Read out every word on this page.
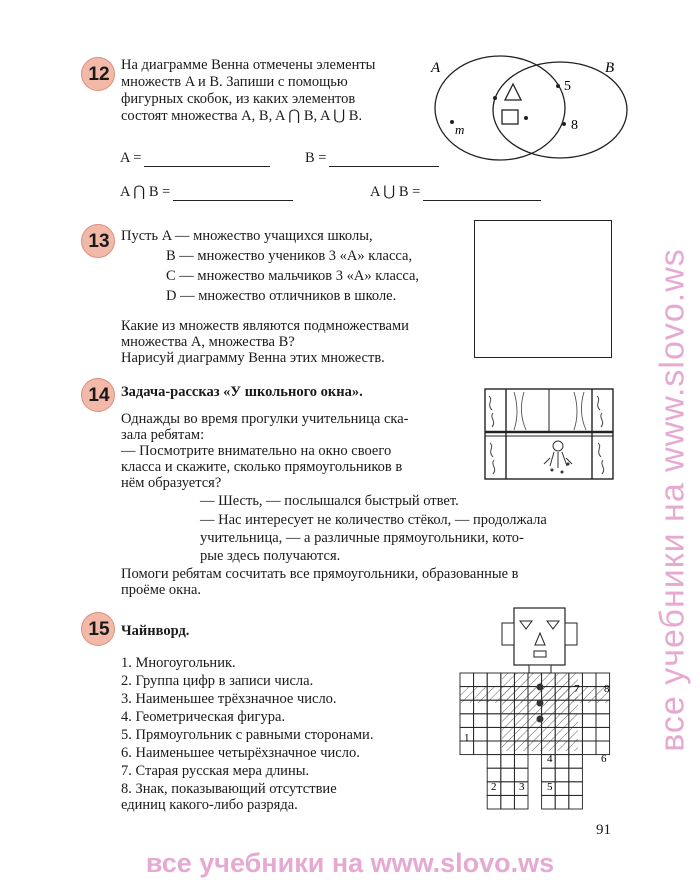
12 На диаграмме Венна отмечены элементы
множеств A и B. Запиши с помощью
фигурных скобок, из каких элементов
состоят множества A, B, A ⋂ B, A ⋃ B.
A	B
m
5
8
A =	B =
A ⋂ B =	A ⋃ B =
13 Пусть A — множество учащихся школы,
B — множество учеников 3 «А» класса,
C — множество мальчиков 3 «А» класса,
D — множество отличников в школе.
Какие из множеств являются подмножествами
множества A, множества B?
Нарисуй диаграмму Венна этих множеств.
14 Задача-рассказ «У школьного окна».
Однажды во время прогулки учительница ска-
зала ребятам:
— Посмотрите внимательно на окно своего
класса и скажите, сколько прямоугольников в
нём образуется?
— Шесть, — послышался быстрый ответ.
— Нас интересует не количество стёкол, — продолжала
учительница, — а различные прямоугольники, кото-
рые здесь получаются.
Помоги ребятам сосчитать все прямоугольники, образованные в
проёме окна.
15 Чайнворд.
1. Многоугольник.
2. Группа цифр в записи числа.
3. Наименьшее трёхзначное число.
4. Геометрическая фигура.
5. Прямоугольник с равными сторонами.
6. Наименьшее четырёхзначное число.
7. Старая русская мера длины.
8. Знак, показывающий отсутствие
единиц какого-либо разряда.
1
2 3
4
5
6
7 8
91
все учебники на www.slovo.ws
все учебники на www.slovo.ws
